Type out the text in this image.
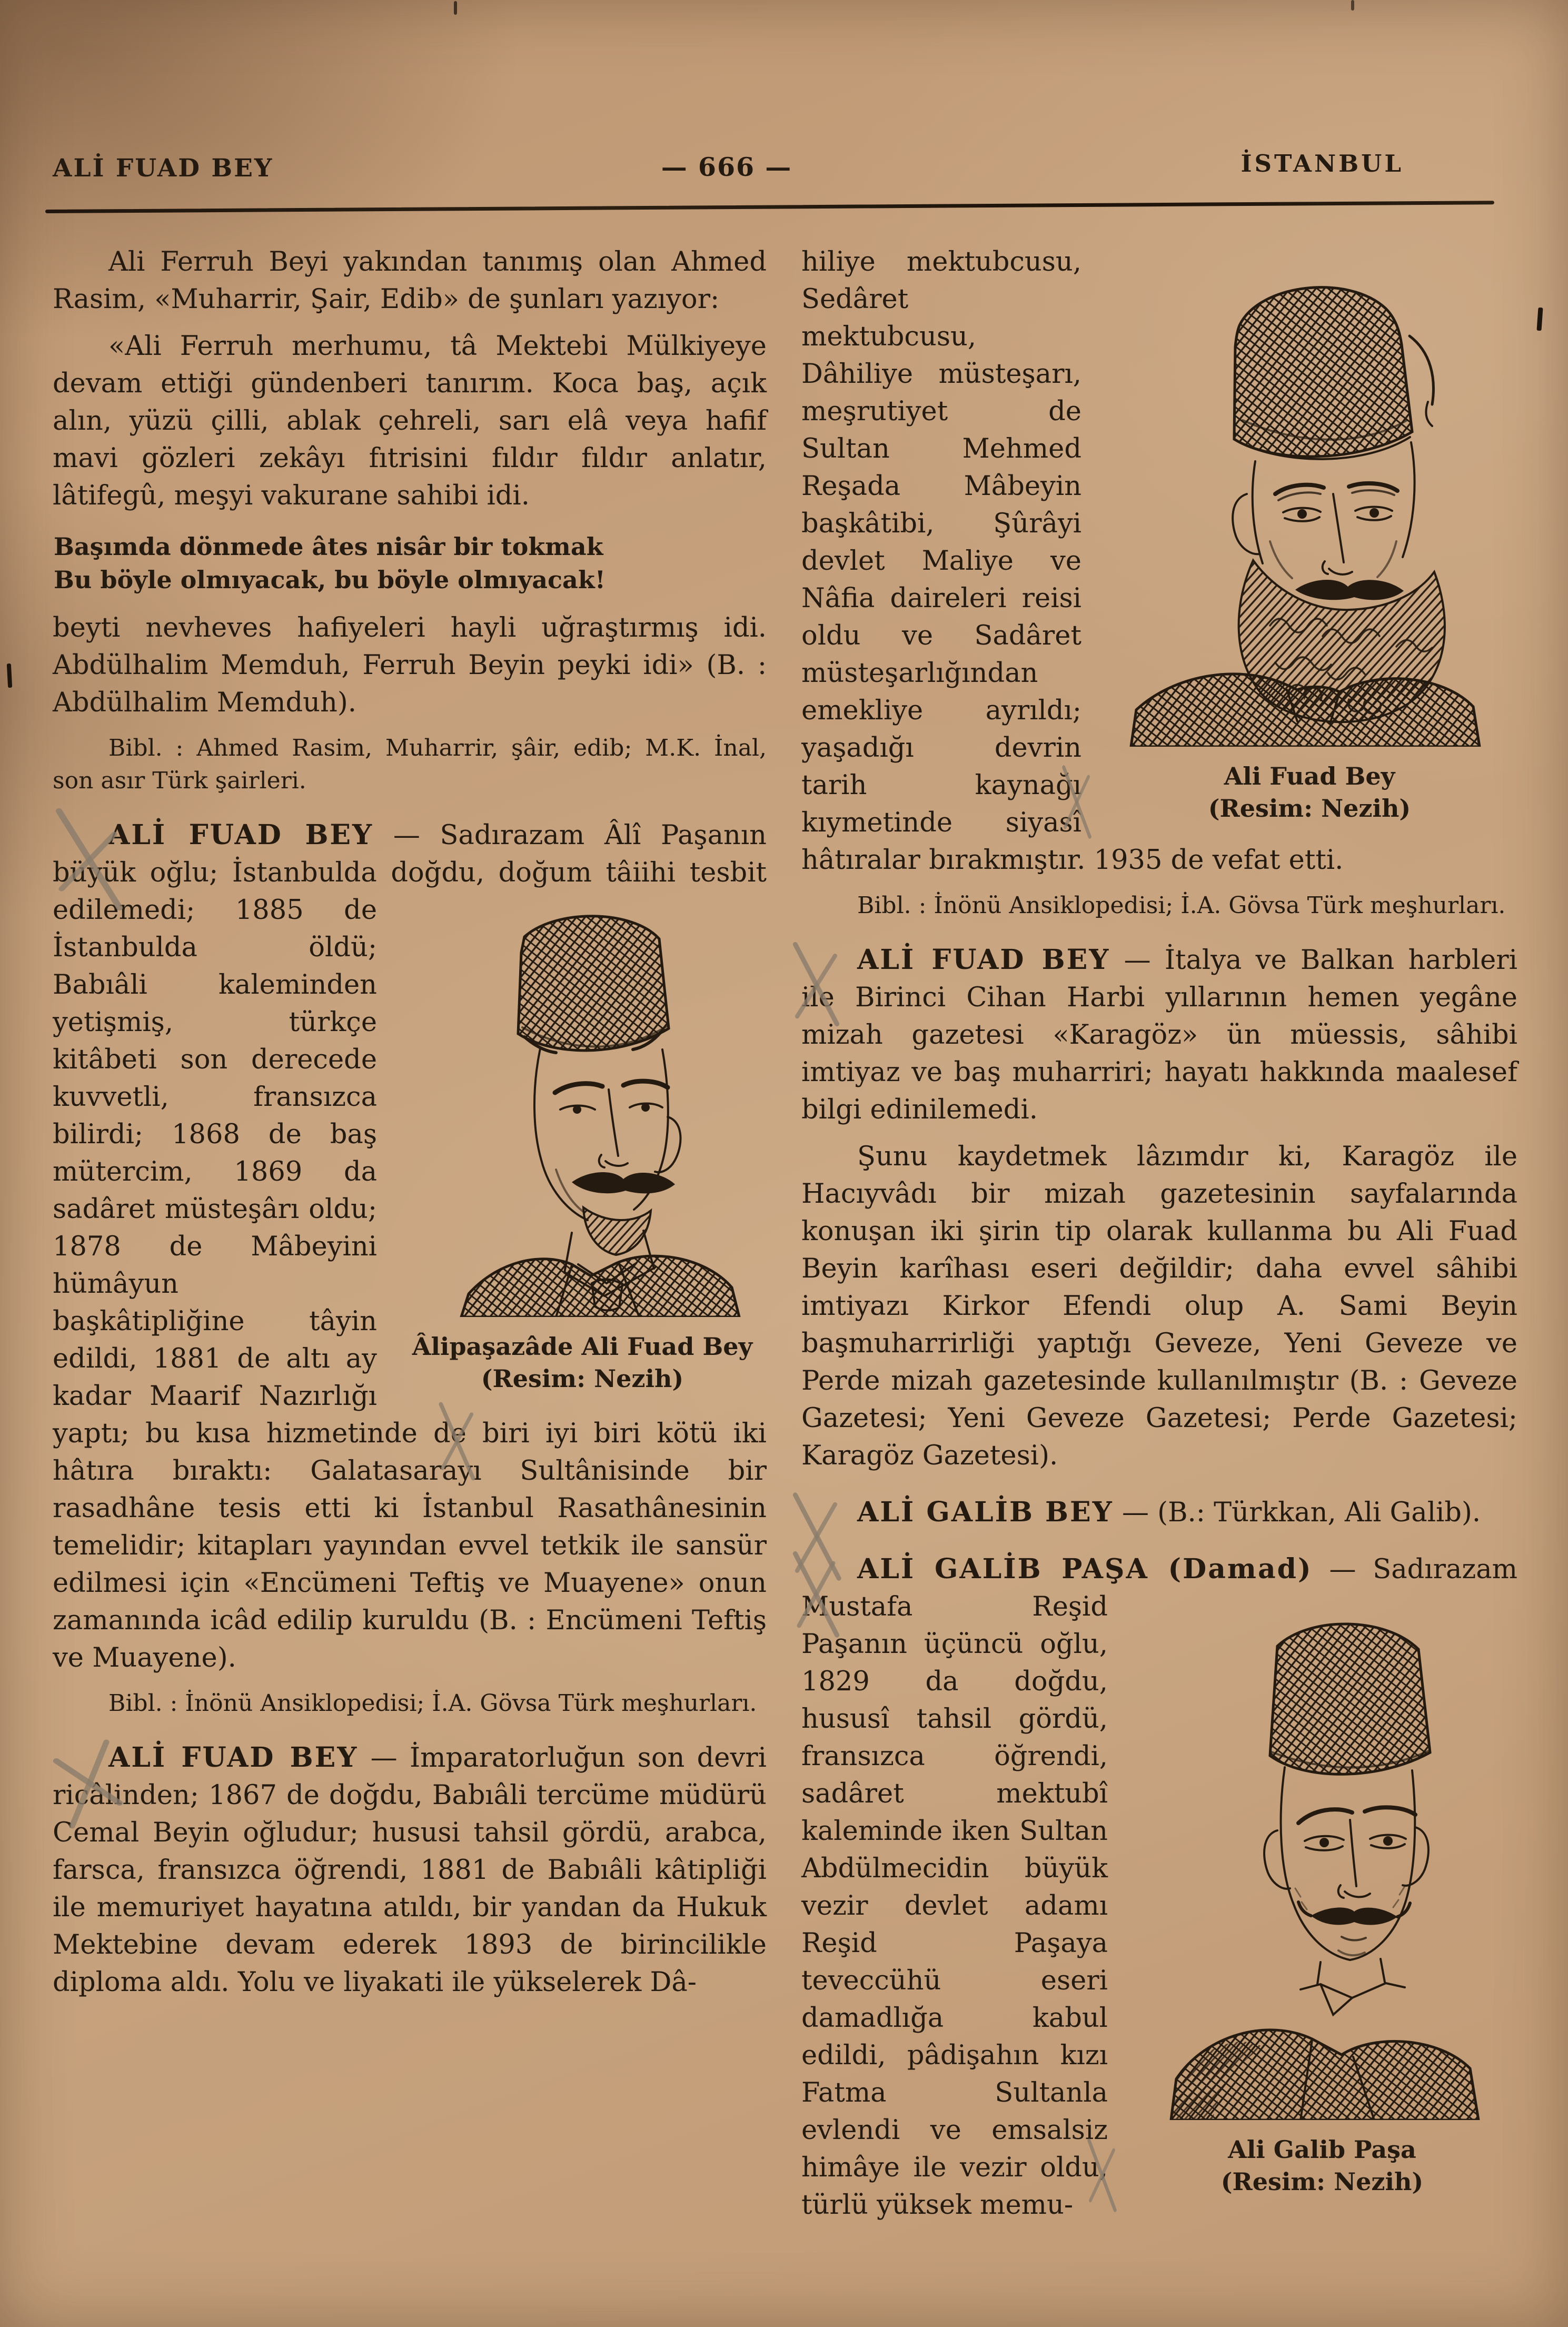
ALİ FUAD BEY	— 666 —	İSTANBUL

Ali Ferruh Beyi yakından tanımış olan Ahmed Rasim, «Muharrir, Şair, Edib» de şunları yazıyor:

«Ali Ferruh merhumu, tâ Mektebi Mülkiyeye devam ettiği gündenberi tanırım. Koca baş, açık alın, yüzü çilli, ablak çehreli, sarı elâ veya hafif mavi gözleri zekâyı fıtrisini fıldır fıldır anlatır, lâtifegû, meşyi vakurane sahibi idi.

Başımda dönmede âtes nisâr bir tokmak
Bu böyle olmıyacak, bu böyle olmıyacak!

beyti nevheves hafiyeleri hayli uğraştırmış idi. Abdülhalim Memduh, Ferruh Beyin peyki idi» (B. : Abdülhalim Memduh).

Bibl. : Ahmed Rasim, Muharrir, şâir, edib; M.K. İnal, son asır Türk şairleri.

ALİ FUAD BEY — Sadırazam Âlî Paşanın büyük oğlu; İstanbulda doğdu, doğum
Âlipaşazâde Ali Fuad Bey
(Resim: Nezih)
tâiihi tesbit edilemedi; 1885 de İstanbulda öldü; Babıâli kaleminden yetişmiş, türkçe kitâbeti son derecede kuvvetli, fransızca bilirdi; 1868 de baş mütercim, 1869 da sadâret müsteşârı oldu; 1878 de Mâbeyini hümâyun başkâtipliğine tâyin edildi, 1881 de altı ay kadar Maarif Nazırlığı yaptı; bu kısa hizmetinde de biri iyi biri kötü iki hâtıra bıraktı: Galatasarayı Sultânisinde bir rasadhâne tesis etti ki İstanbul Rasathânesinin temelidir; kitapları yayından evvel tetkik ile sansür edilmesi için «Encümeni Teftiş ve Muayene» onun zamanında icâd edilip kuruldu (B. : Encümeni Teftiş ve Muayene).

Bibl. : İnönü Ansiklopedisi; İ.A. Gövsa Türk meşhurları.

ALİ FUAD BEY — İmparatorluğun son devri ricâlinden; 1867 de doğdu, Babıâli tercüme müdürü Cemal Beyin oğludur; hususi tahsil gördü, arabca, farsca, fransızca öğrendi, 1881 de Babıâli kâtipliği ile memuriyet hayatına atıldı, bir yandan da Hukuk Mektebine devam ederek 1893 de birincilikle diploma aldı. Yolu ve liyakati ile yükselerek Dâ-

Ali Fuad Bey
(Resim: Nezih)
hiliye mektubcusu, Sedâret mektubcusu, Dâhiliye müsteşarı, meşrutiyet de Sultan Mehmed Reşada Mâbeyin başkâtibi, Şûrâyi devlet Maliye ve Nâfia daireleri reisi oldu ve Sadâret müsteşarlığından emekliye ayrıldı; yaşadığı devrin tarih kaynağı kıymetinde siyasî hâtıralar bırakmıştır. 1935 de vefat etti.

Bibl. : İnönü Ansiklopedisi; İ.A. Gövsa Türk meşhurları.

ALİ FUAD BEY — İtalya ve Balkan harbleri ile Birinci Cihan Harbi yıllarının hemen yegâne mizah gazetesi «Karagöz» ün müessis, sâhibi imtiyaz ve baş muharriri; hayatı hakkında maalesef bilgi edinilemedi.

Şunu kaydetmek lâzımdır ki, Karagöz ile Hacıyvâdı bir mizah gazetesinin sayfalarında konuşan iki şirin tip olarak kullanma bu Ali Fuad Beyin karîhası eseri değildir; daha evvel sâhibi imtiyazı Kirkor Efendi olup A. Sami Beyin başmuharrirliği yaptığı Geveze, Yeni Geveze ve Perde mizah gazetesinde kullanılmıştır (B. : Geveze Gazetesi; Yeni Geveze Gazetesi; Perde Gazetesi; Karagöz Gazetesi).

ALİ GALİB BEY — (B.: Türkkan, Ali Galib).

ALİ GALİB PAŞA (Damad) — Sadırazam
Ali Galib Paşa
(Resim: Nezih)
Mustafa Reşid Paşanın üçüncü oğlu, 1829 da doğdu, hususî tahsil gördü, fransızca öğrendi, sadâret mektubî kaleminde iken Sultan Abdülmecidin büyük vezir devlet adamı Reşid Paşaya teveccühü eseri damadlığa kabul edildi, pâdişahın kızı Fatma Sultanla evlendi ve emsalsiz himâye ile vezir oldu, türlü yüksek memu-
